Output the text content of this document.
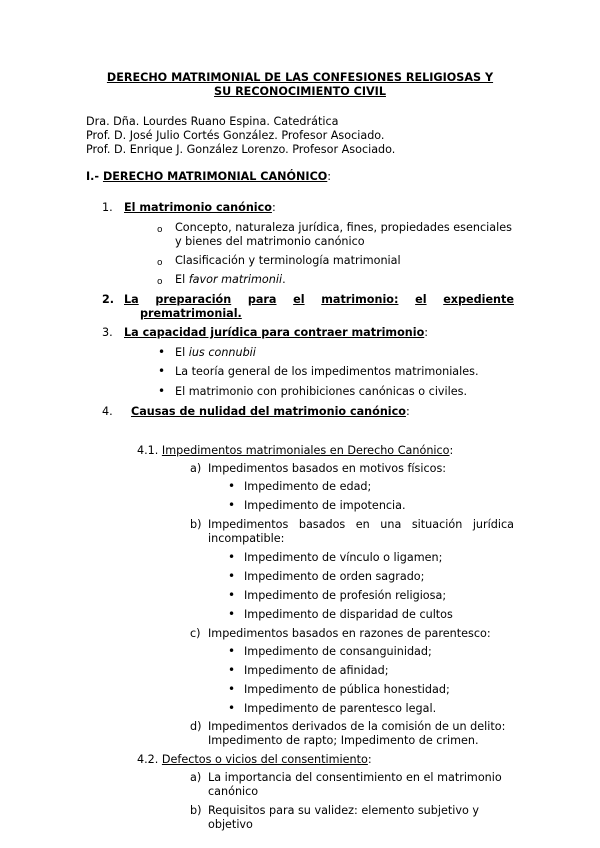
DERECHO MATRIMONIAL DE LAS CONFESIONES RELIGIOSAS Y
SU RECONOCIMIENTO CIVIL
Dra. Dña. Lourdes Ruano Espina. Catedrática
Prof. D. José Julio Cortés González. Profesor Asociado.
Prof. D. Enrique J. González Lorenzo. Profesor Asociado.
I.- DERECHO MATRIMONIAL CANÓNICO:
1. El matrimonio canónico:
o Concepto, naturaleza jurídica, fines, propiedades esenciales
y bienes del matrimonio canónico
o Clasificación y terminología matrimonial
o El favor matrimonii.
2. La preparación para el matrimonio: el expediente
prematrimonial.
3. La capacidad jurídica para contraer matrimonio:
• El ius connubii
• La teoría general de los impedimentos matrimoniales.
• El matrimonio con prohibiciones canónicas o civiles.
4. Causas de nulidad del matrimonio canónico:
4.1. Impedimentos matrimoniales en Derecho Canónico:
a) Impedimentos basados en motivos físicos:
• Impedimento de edad;
• Impedimento de impotencia.
b) Impedimentos basados en una situación jurídica
incompatible:
• Impedimento de vínculo o ligamen;
• Impedimento de orden sagrado;
• Impedimento de profesión religiosa;
• Impedimento de disparidad de cultos
c) Impedimentos basados en razones de parentesco:
• Impedimento de consanguinidad;
• Impedimento de afinidad;
• Impedimento de pública honestidad;
• Impedimento de parentesco legal.
d) Impedimentos derivados de la comisión de un delito:
Impedimento de rapto; Impedimento de crimen.
4.2. Defectos o vicios del consentimiento:
a) La importancia del consentimiento en el matrimonio
canónico
b) Requisitos para su validez: elemento subjetivo y
objetivo
